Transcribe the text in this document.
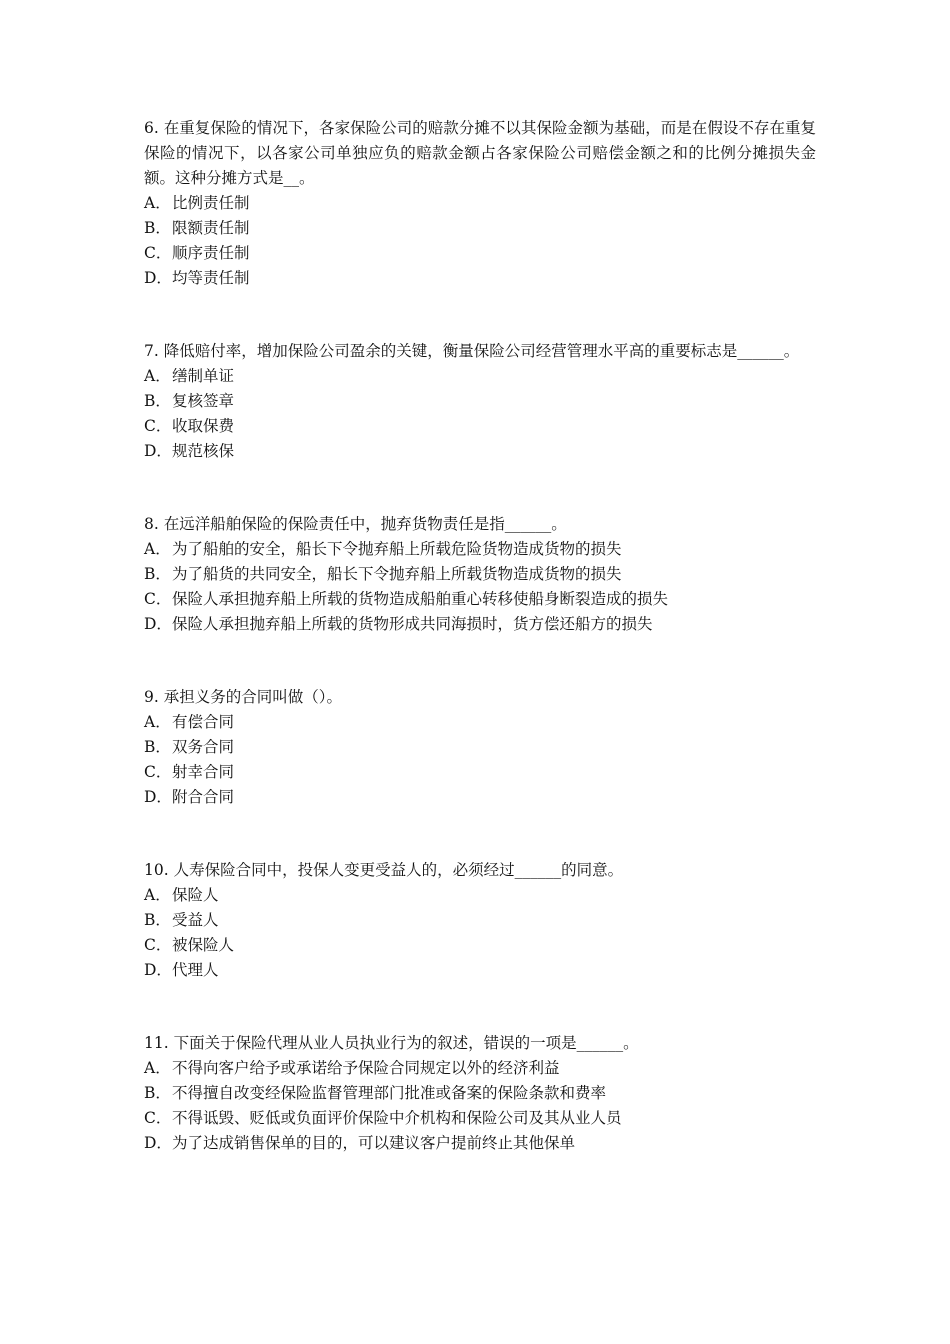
6. 在重复保险的情况下，各家保险公司的赔款分摊不以其保险金额为基础，而是在假设不存在重复保险的情况下，以各家公司单独应负的赔款金额占各家保险公司赔偿金额之和的比例分摊损失金额。这种分摊方式是__。

A． 比例责任制
B． 限额责任制
C． 顺序责任制
D． 均等责任制

7. 降低赔付率，增加保险公司盈余的关键，衡量保险公司经营管理水平高的重要标志是______。

A． 缮制单证
B． 复核签章
C． 收取保费
D． 规范核保

8. 在远洋船舶保险的保险责任中，抛弃货物责任是指______。

A． 为了船舶的安全，船长下令抛弃船上所载危险货物造成货物的损失
B． 为了船货的共同安全，船长下令抛弃船上所载货物造成货物的损失
C． 保险人承担抛弃船上所载的货物造成船舶重心转移使船身断裂造成的损失
D． 保险人承担抛弃船上所载的货物形成共同海损时，货方偿还船方的损失

9. 承担义务的合同叫做（）。

A． 有偿合同
B． 双务合同
C． 射幸合同
D． 附合合同

10. 人寿保险合同中，投保人变更受益人的，必须经过______的同意。

A． 保险人
B． 受益人
C． 被保险人
D． 代理人

11. 下面关于保险代理从业人员执业行为的叙述，错误的一项是______。

A． 不得向客户给予或承诺给予保险合同规定以外的经济利益
B． 不得擅自改变经保险监督管理部门批准或备案的保险条款和费率
C． 不得诋毁、贬低或负面评价保险中介机构和保险公司及其从业人员
D． 为了达成销售保单的目的，可以建议客户提前终止其他保单
